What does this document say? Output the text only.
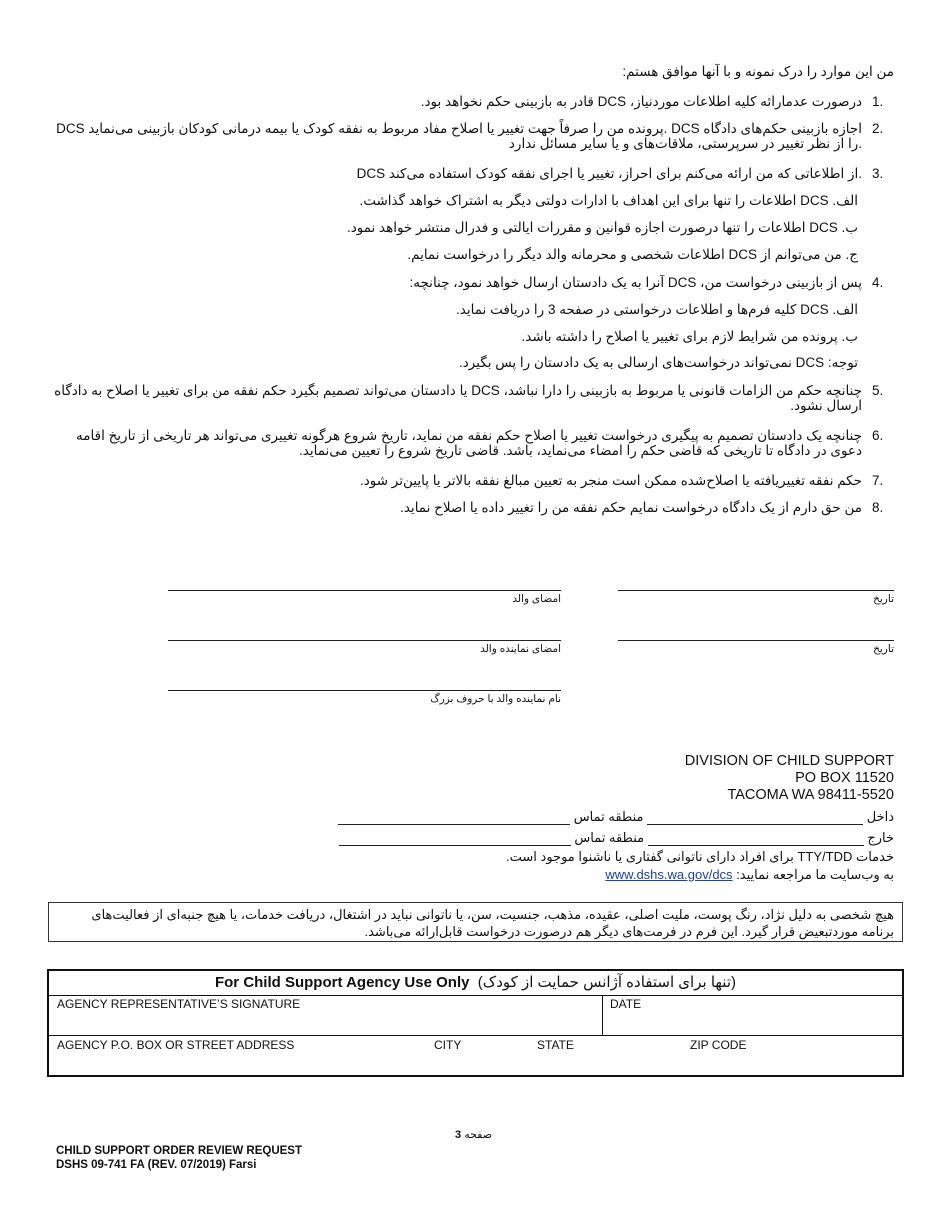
من این موارد را درک نمونه و با آنها موافق هستم:
1.
درصورت عدمارائه کلیه اطلاعات موردنیاز، DCS قادر به بازبینی حکم نخواهد بود.
2.
DCS پرونده من را صرفاً جهت تغییر یا اصلاح مفاد مربوط به نفقه کودک یا بیمه درمانی کودکان بازبینی می‌نماید. DCS اجازه بازبینی حکم‌های دادگاه را از نظر تغییر در سرپرستی، ملاقات‌های و یا سایر مسائل ندارد.
3.
DCS از اطلاعاتی که من ارائه می‌کنم برای احراز، تغییر یا اجرای نفقه کودک استفاده می‌کند.
الف. DCS اطلاعات را تنها برای این اهداف با ادارات دولتی دیگر به اشتراک خواهد گذاشت.
ب. DCS اطلاعات را تنها درصورت اجازه قوانین و مقررات ایالتی و فدرال منتشر خواهد نمود.
ج. من می‌توانم از DCS اطلاعات شخصی و محرمانه والد دیگر را درخواست نمایم.
4.
پس از بازبینی درخواست من، DCS آنرا به یک دادستان ارسال خواهد نمود، چنانچه:
الف. DCS کلیه فرم‌ها و اطلاعات درخواستی در صفحه 3 را دریافت نماید.
ب. پرونده من شرایط لازم برای تغییر یا اصلاح را داشته باشد.
توجه: DCS نمی‌تواند درخواست‌های ارسالی به یک دادستان را پس بگیرد.
5.
چنانچه حکم من الزامات قانونی یا مربوط به بازبینی را دارا نباشد، DCS یا دادستان می‌تواند تصمیم بگیرد حکم نفقه من برای تغییر یا اصلاح به دادگاه ارسال نشود.
6.
چنانچه یک دادستان تصمیم به پیگیری درخواست تغییر یا اصلاح حکم نفقه من نماید، تاریخ شروع هرگونه تغییری می‌تواند هر تاریخی از تاریخ اقامه دعوی در دادگاه تا تاریخی که قاضی حکم را امضاء می‌نماید، باشد. قاضی تاریخ شروع را تعیین می‌نماید.
7.
حکم نفقه تغییریافته یا اصلاح‌شده ممکن است منجر به تعیین مبالغ نفقه بالاتر یا پایین‌تر شود.
8.
من حق دارم از یک دادگاه درخواست نمایم حکم نفقه من را تغییر داده یا اصلاح نماید.
امضای والد	تاریخ
امضای نماینده والد	تاریخ
نام نماینده والد با حروف بزرگ
DIVISION OF CHILD SUPPORT
PO BOX 11520
TACOMA WA 98411-5520
داخل  منطقه تماس
خارج  منطقه تماس
خدمات TTY/TDD برای افراد دارای ناتوانی گفتاری یا ناشنوا موجود است.
به وب‌سایت ما مراجعه نمایید: www.dshs.wa.gov/dcs
هیچ شخصی به دلیل نژاد، رنگ پوست، ملیت اصلی، عقیده، مذهب، جنسیت، سن، یا ناتوانی نباید در اشتغال، دریافت خدمات، یا هیچ جنبه‌ای از فعالیت‌های برنامه موردتبعیض قرار گیرد. این فرم در فرمت‌های دیگر هم درصورت درخواست قابل‌ارائه می‌باشد.
For Child Support Agency Use Only (تنها برای استفاده آژانس حمایت از کودک)
AGENCY REPRESENTATIVE’S SIGNATURE	DATE
AGENCY P.O. BOX OR STREET ADDRESS	CITY	STATE	ZIP CODE
صفحه 3
CHILD SUPPORT ORDER REVIEW REQUEST
DSHS 09-741 FA (REV. 07/2019) Farsi
